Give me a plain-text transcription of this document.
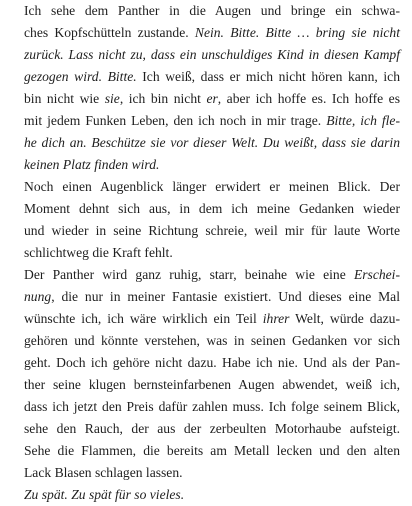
Ich sehe dem Panther in die Augen und bringe ein schwa-
ches Kopfschütteln zustande. Nein. Bitte. Bitte … bring sie nicht
zurück. Lass nicht zu, dass ein unschuldiges Kind in diesen Kampf
gezogen wird. Bitte. Ich weiß, dass er mich nicht hören kann, ich
bin nicht wie sie, ich bin nicht er, aber ich hoffe es. Ich hoffe es
mit jedem Funken Leben, den ich noch in mir trage. Bitte, ich fle-
he dich an. Beschütze sie vor dieser Welt. Du weißt, dass sie darin
keinen Platz finden wird.
Noch einen Augenblick länger erwidert er meinen Blick. Der
Moment dehnt sich aus, in dem ich meine Gedanken wieder
und wieder in seine Richtung schreie, weil mir für laute Worte
schlichtweg die Kraft fehlt.
Der Panther wird ganz ruhig, starr, beinahe wie eine Erschei-
nung, die nur in meiner Fantasie existiert. Und dieses eine Mal
wünschte ich, ich wäre wirklich ein Teil ihrer Welt, würde dazu-
gehören und könnte verstehen, was in seinen Gedanken vor sich
geht. Doch ich gehöre nicht dazu. Habe ich nie. Und als der Pan-
ther seine klugen bernsteinfarbenen Augen abwendet, weiß ich,
dass ich jetzt den Preis dafür zahlen muss. Ich folge seinem Blick,
sehe den Rauch, der aus der zerbeulten Motorhaube aufsteigt.
Sehe die Flammen, die bereits am Metall lecken und den alten
Lack Blasen schlagen lassen.
Zu spät. Zu spät für so vieles.
